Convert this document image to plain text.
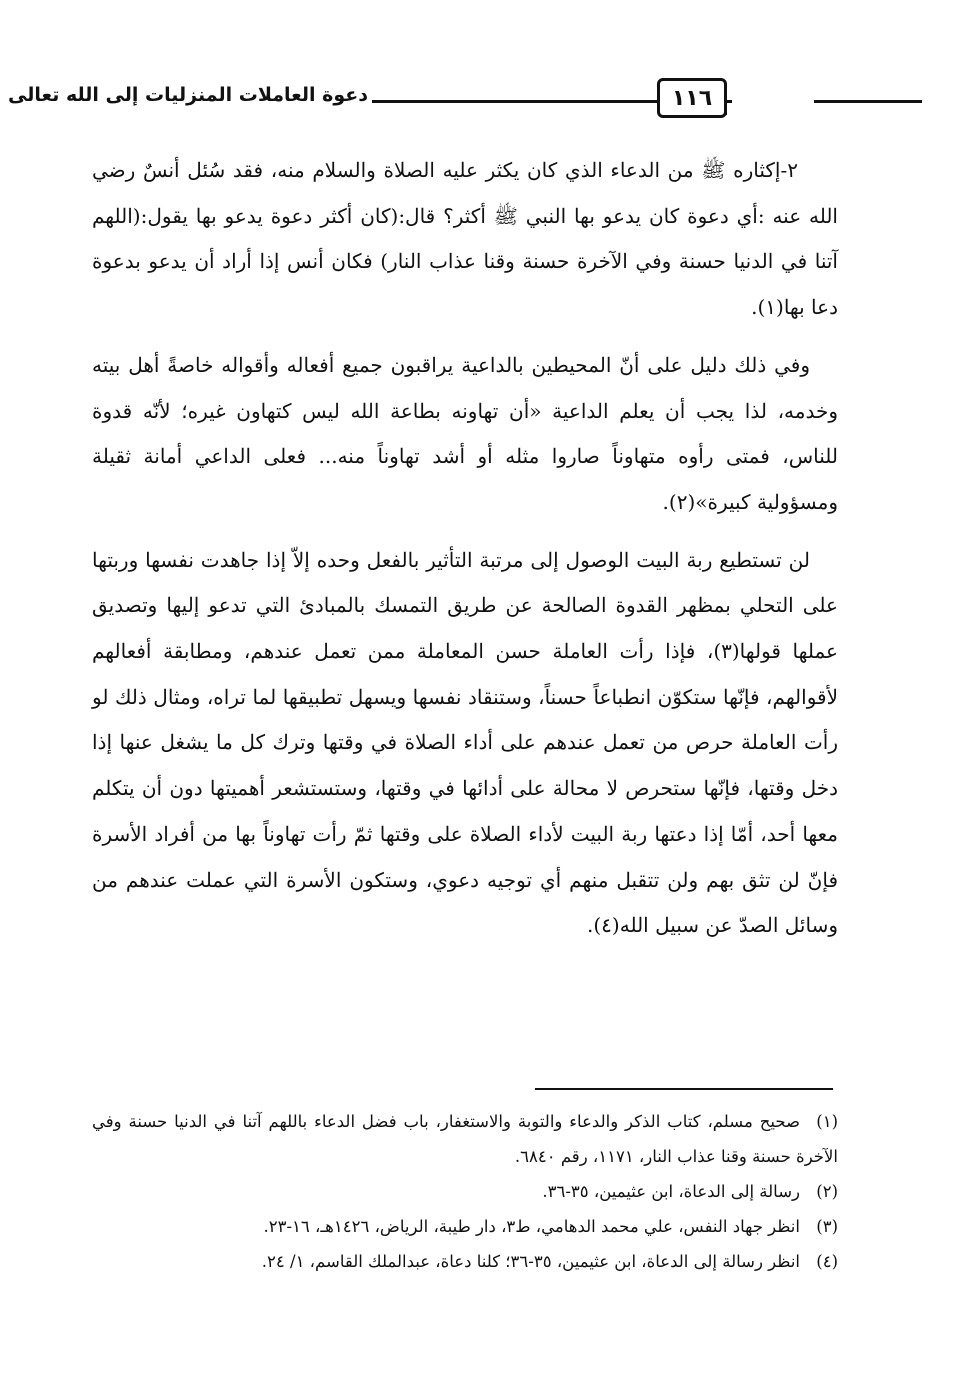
دعوة العاملات المنزليات إلى الله تعالى	١١٦

٢-إكثاره ﷺ من الدعاء الذي كان يكثر عليه الصلاة والسلام منه، فقد سُئل أنسٌ رضي الله عنه :أي دعوة كان يدعو بها النبي ﷺ أكثر؟ قال:(كان أكثر دعوة يدعو بها يقول:(اللهم آتنا في الدنيا حسنة وفي الآخرة حسنة وقنا عذاب النار) فكان أنس إذا أراد أن يدعو بدعوة دعا بها(١).

وفي ذلك دليل على أنّ المحيطين بالداعية يراقبون جميع أفعاله وأقواله خاصةً أهل بيته وخدمه، لذا يجب أن يعلم الداعية «أن تهاونه بطاعة الله ليس كتهاون غيره؛ لأنّه قدوة للناس، فمتى رأوه متهاوناً صاروا مثله أو أشد تهاوناً منه... فعلى الداعي أمانة ثقيلة ومسؤولية كبيرة»(٢).

لن تستطيع ربة البيت الوصول إلى مرتبة التأثير بالفعل وحده إلاّ إذا جاهدت نفسها وربتها على التحلي بمظهر القدوة الصالحة عن طريق التمسك بالمبادئ التي تدعو إليها وتصديق عملها قولها(٣)، فإذا رأت العاملة حسن المعاملة ممن تعمل عندهم، ومطابقة أفعالهم لأقوالهم، فإنّها ستكوّن انطباعاً حسناً، وستنقاد نفسها ويسهل تطبيقها لما تراه، ومثال ذلك لو رأت العاملة حرص من تعمل عندهم على أداء الصلاة في وقتها وترك كل ما يشغل عنها إذا دخل وقتها، فإنّها ستحرص لا محالة على أدائها في وقتها، وستستشعر أهميتها دون أن يتكلم معها أحد، أمّا إذا دعتها ربة البيت لأداء الصلاة على وقتها ثمّ رأت تهاوناً بها من أفراد الأسرة فإنّ لن تثق بهم ولن تتقبل منهم أي توجيه دعوي، وستكون الأسرة التي عملت عندهم من وسائل الصدّ عن سبيل الله(٤).

(١)صحيح مسلم، كتاب الذكر والدعاء والتوبة والاستغفار، باب فضل الدعاء باللهم آتنا في الدنيا حسنة وفي الآخرة حسنة وقنا عذاب النار، ١١٧١، رقم ٦٨٤٠.

(٢)رسالة إلى الدعاة، ابن عثيمين، ٣٥-٣٦.

(٣)انظر جهاد النفس، علي محمد الدهامي، ط٣، دار طيبة، الرياض، ١٤٢٦هـ، ١٦-٢٣.

(٤)انظر رسالة إلى الدعاة، ابن عثيمين، ٣٥-٣٦؛ كلنا دعاة، عبدالملك القاسم، ١/ ٢٤.
